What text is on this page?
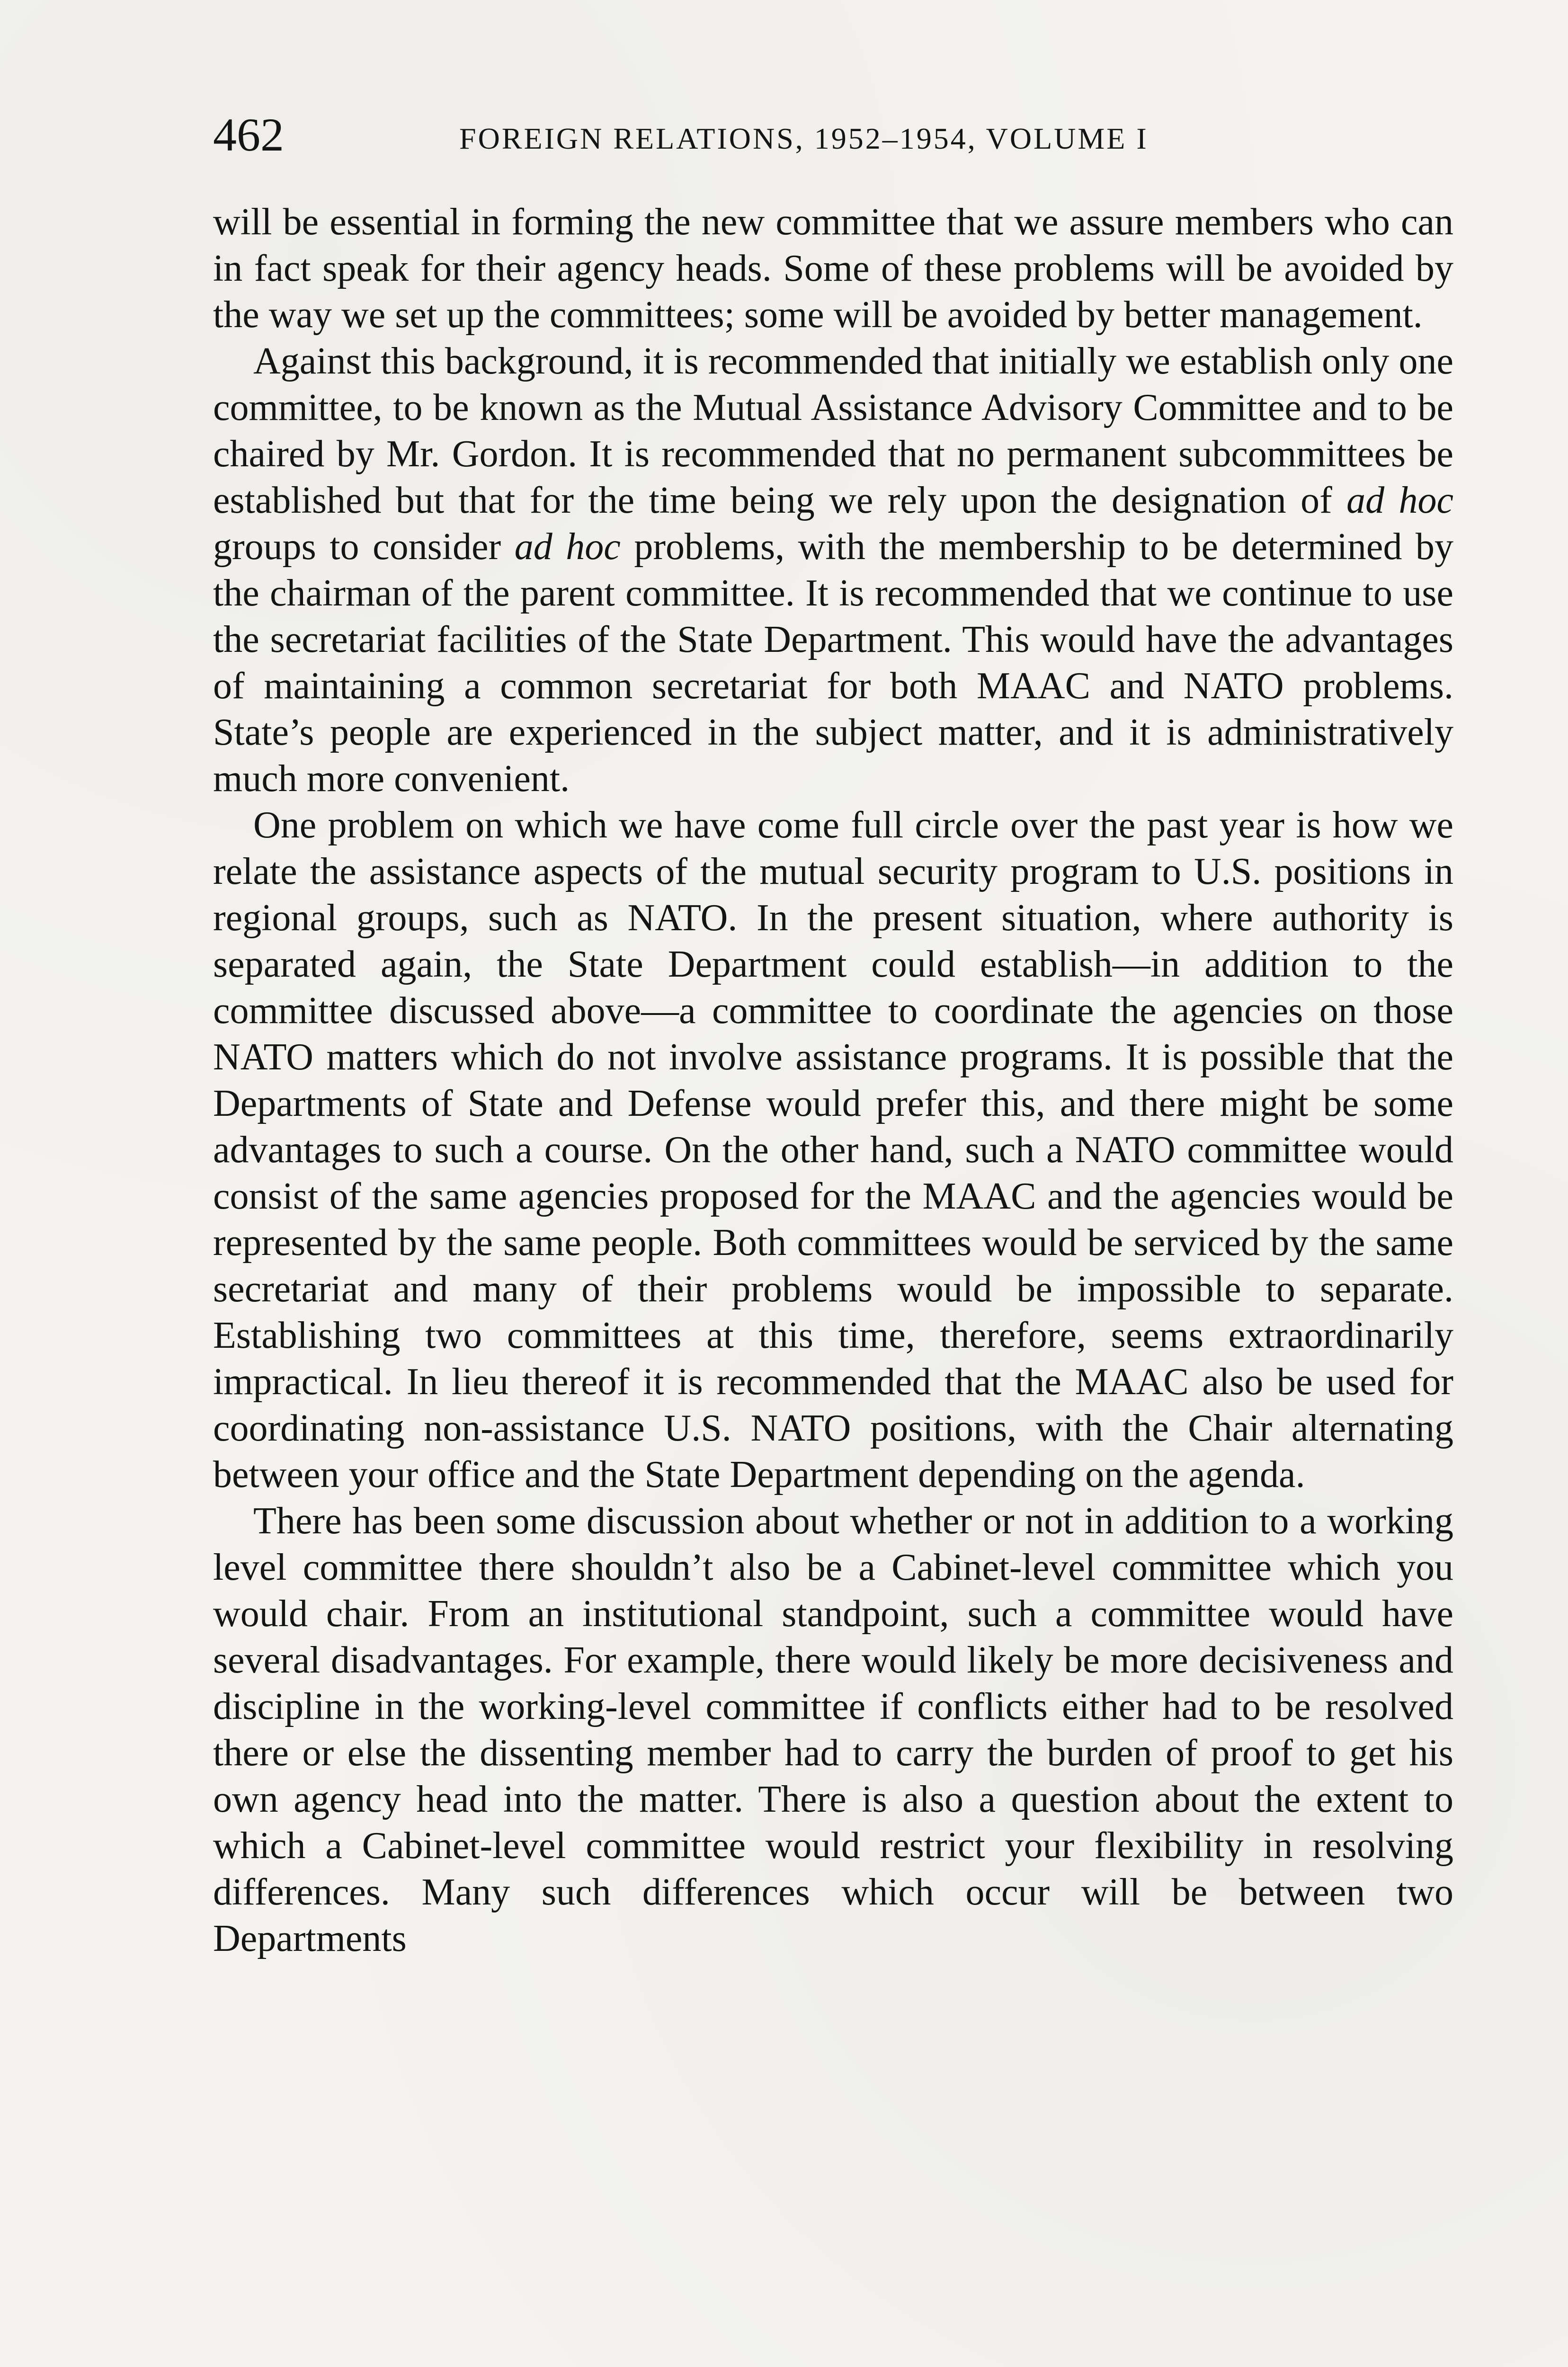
462	FOREIGN RELATIONS, 1952–1954, VOLUME I

will be essential in forming the new committee that we assure members who can in fact speak for their agency heads. Some of these problems will be avoided by the way we set up the committees; some will be avoided by better management.

Against this background, it is recommended that initially we establish only one committee, to be known as the Mutual Assistance Advisory Committee and to be chaired by Mr. Gordon. It is recommended that no permanent subcommittees be established but that for the time being we rely upon the designation of ad hoc groups to consider ad hoc problems, with the membership to be determined by the chairman of the parent committee. It is recommended that we continue to use the secretariat facilities of the State Department. This would have the advantages of maintaining a common secretariat for both MAAC and NATO problems. State’s people are experienced in the subject matter, and it is administratively much more convenient.

One problem on which we have come full circle over the past year is how we relate the assistance aspects of the mutual security program to U.S. positions in regional groups, such as NATO. In the present situation, where authority is separated again, the State Department could establish—in addition to the committee discussed above—a committee to coordinate the agencies on those NATO matters which do not involve assistance programs. It is possible that the Departments of State and Defense would prefer this, and there might be some advantages to such a course. On the other hand, such a NATO committee would consist of the same agencies proposed for the MAAC and the agencies would be represented by the same people. Both committees would be serviced by the same secretariat and many of their problems would be impossible to separate. Establishing two committees at this time, therefore, seems extraordinarily impractical. In lieu thereof it is recommended that the MAAC also be used for coordinating non-assistance U.S. NATO positions, with the Chair alternating between your office and the State Department depending on the agenda.

There has been some discussion about whether or not in addition to a working level committee there shouldn’t also be a Cabinet-level committee which you would chair. From an institutional standpoint, such a committee would have several disadvantages. For example, there would likely be more decisiveness and discipline in the working-level committee if conflicts either had to be resolved there or else the dissenting member had to carry the burden of proof to get his own agency head into the matter. There is also a question about the extent to which a Cabinet-level committee would restrict your flexibility in resolving differences. Many such differences which occur will be between two Departments
